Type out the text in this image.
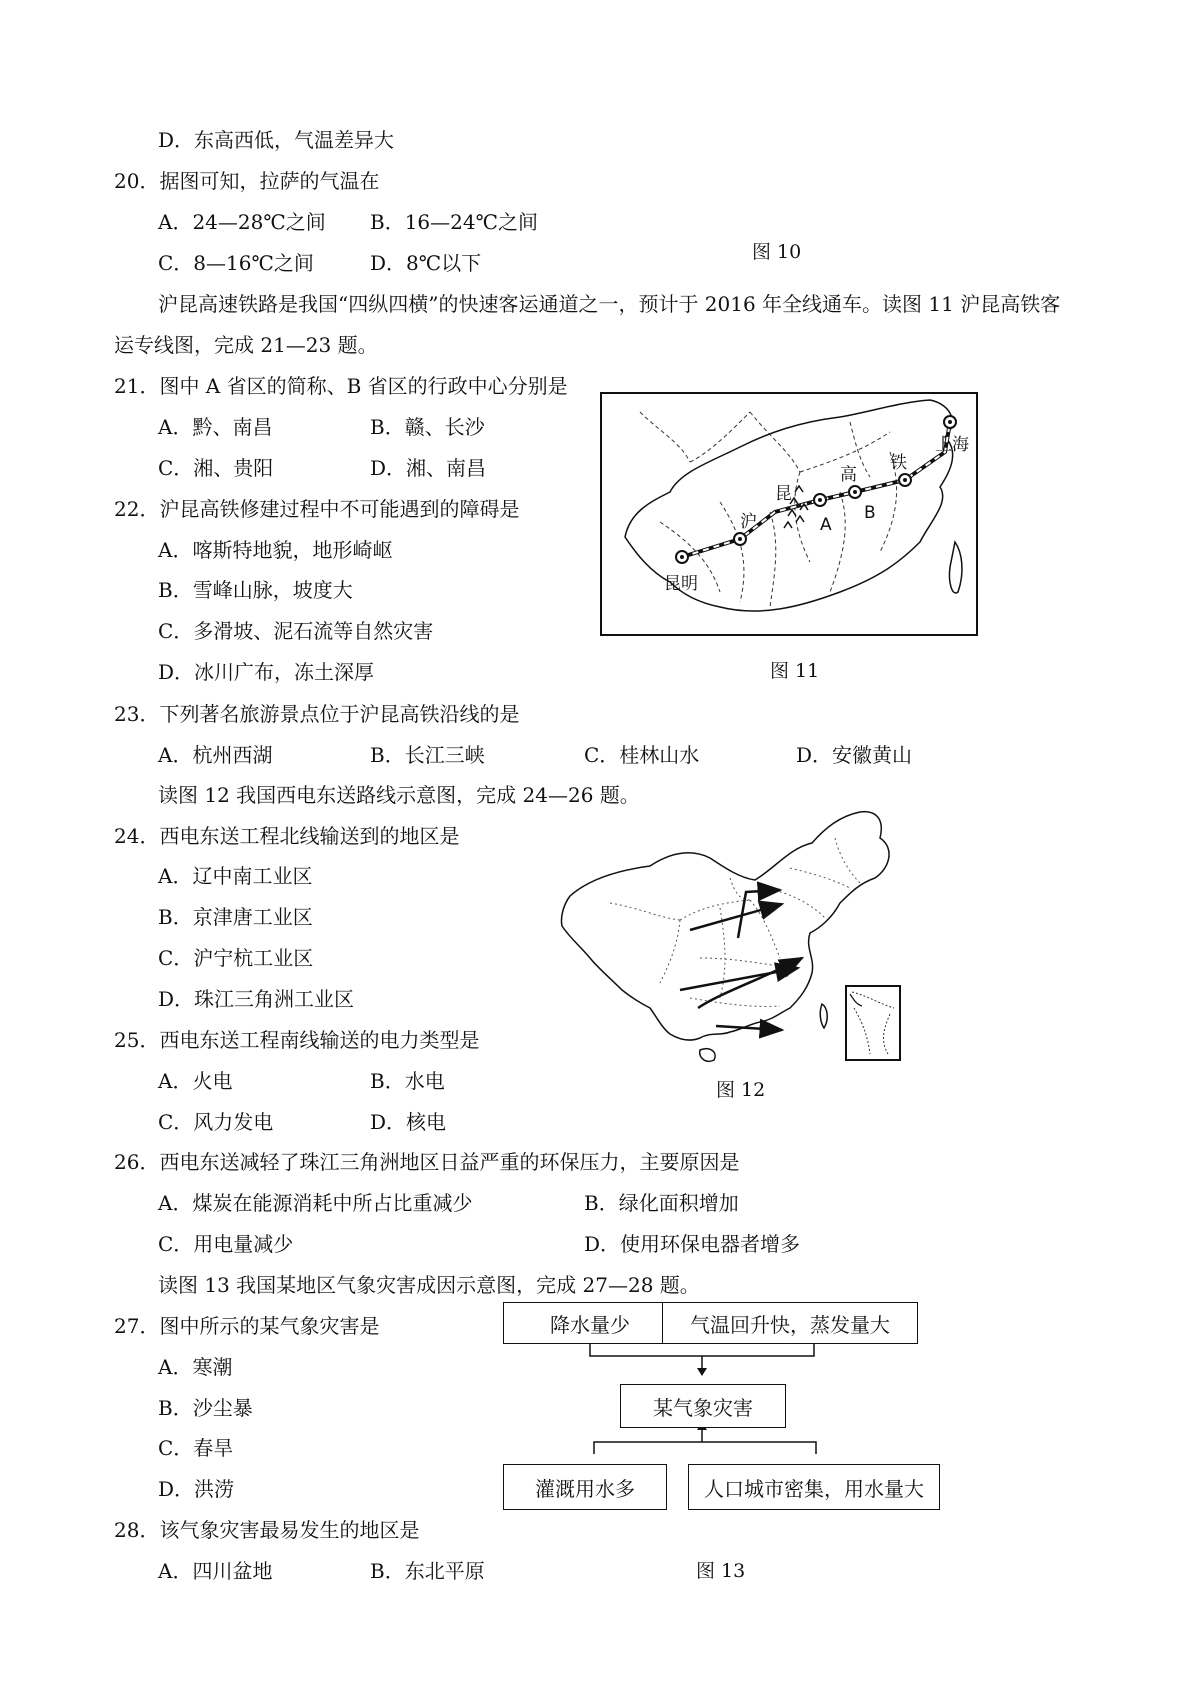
D．东高西低，气温差异大
20．据图可知，拉萨的气温在
A．24—28℃之间 B．16—24℃之间
C．8—16℃之间	D．8℃以下	图 10
沪昆高速铁路是我国“四纵四横”的快速客运通道之一，预计于 2016 年全线通车。读图 11 沪昆高铁客
运专线图，完成 21—23 题。
21．图中 A 省区的简称、B 省区的行政中心分别是
A．黔、南昌	B．赣、长沙
C．湘、贵阳	D．湘、南昌
22．沪昆高铁修建过程中不可能遇到的障碍是
A．喀斯特地貌，地形崎岖
B．雪峰山脉，坡度大
C．多滑坡、泥石流等自然灾害
D．冰川广布，冻土深厚
昆明
上海
沪
昆
高
铁
A
B
图 11
23．下列著名旅游景点位于沪昆高铁沿线的是
A．杭州西湖	B．长江三峡	C．桂林山水	D．安徽黄山
读图 12 我国西电东送路线示意图，完成 24—26 题。
24．西电东送工程北线输送到的地区是
A．辽中南工业区
B．京津唐工业区
C．沪宁杭工业区
D．珠江三角洲工业区
图 12
25．西电东送工程南线输送的电力类型是
A．火电	B．水电
C．风力发电	D．核电
26．西电东送减轻了珠江三角洲地区日益严重的环保压力，主要原因是
A．煤炭在能源消耗中所占比重减少	B．绿化面积增加
C．用电量减少	D．使用环保电器者增多
读图 13 我国某地区气象灾害成因示意图，完成 27—28 题。
27．图中所示的某气象灾害是
A．寒潮
B．沙尘暴
C．春旱
D．洪涝
降水量少	气温回升快，蒸发量大
某气象灾害
灌溉用水多	人口城市密集，用水量大
28．该气象灾害最易发生的地区是
A．四川盆地	B．东北平原	图 13
